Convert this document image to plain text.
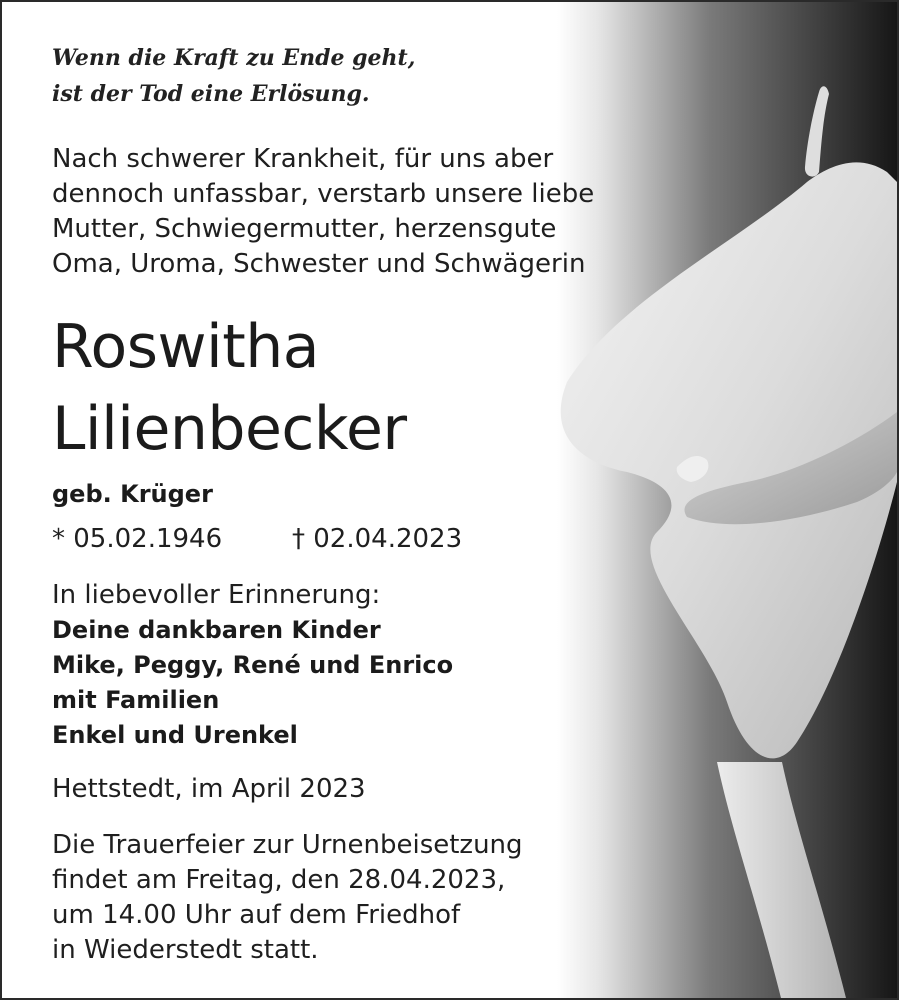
Wenn die Kraft zu Ende geht,
ist der Tod eine Erlösung.
Nach schwerer Krankheit, für uns aber
dennoch unfassbar, verstarb unsere liebe
Mutter, Schwiegermutter, herzensgute
Oma, Uroma, Schwester und Schwägerin
Roswitha
Lilienbecker
geb. Krüger
* 05.02.1946	† 02.04.2023
In liebevoller Erinnerung:
Deine dankbaren Kinder
Mike, Peggy, René und Enrico
mit Familien
Enkel und Urenkel
Hettstedt, im April 2023
Die Trauerfeier zur Urnenbeisetzung
findet am Freitag, den 28.04.2023,
um 14.00 Uhr auf dem Friedhof
in Wiederstedt statt.
